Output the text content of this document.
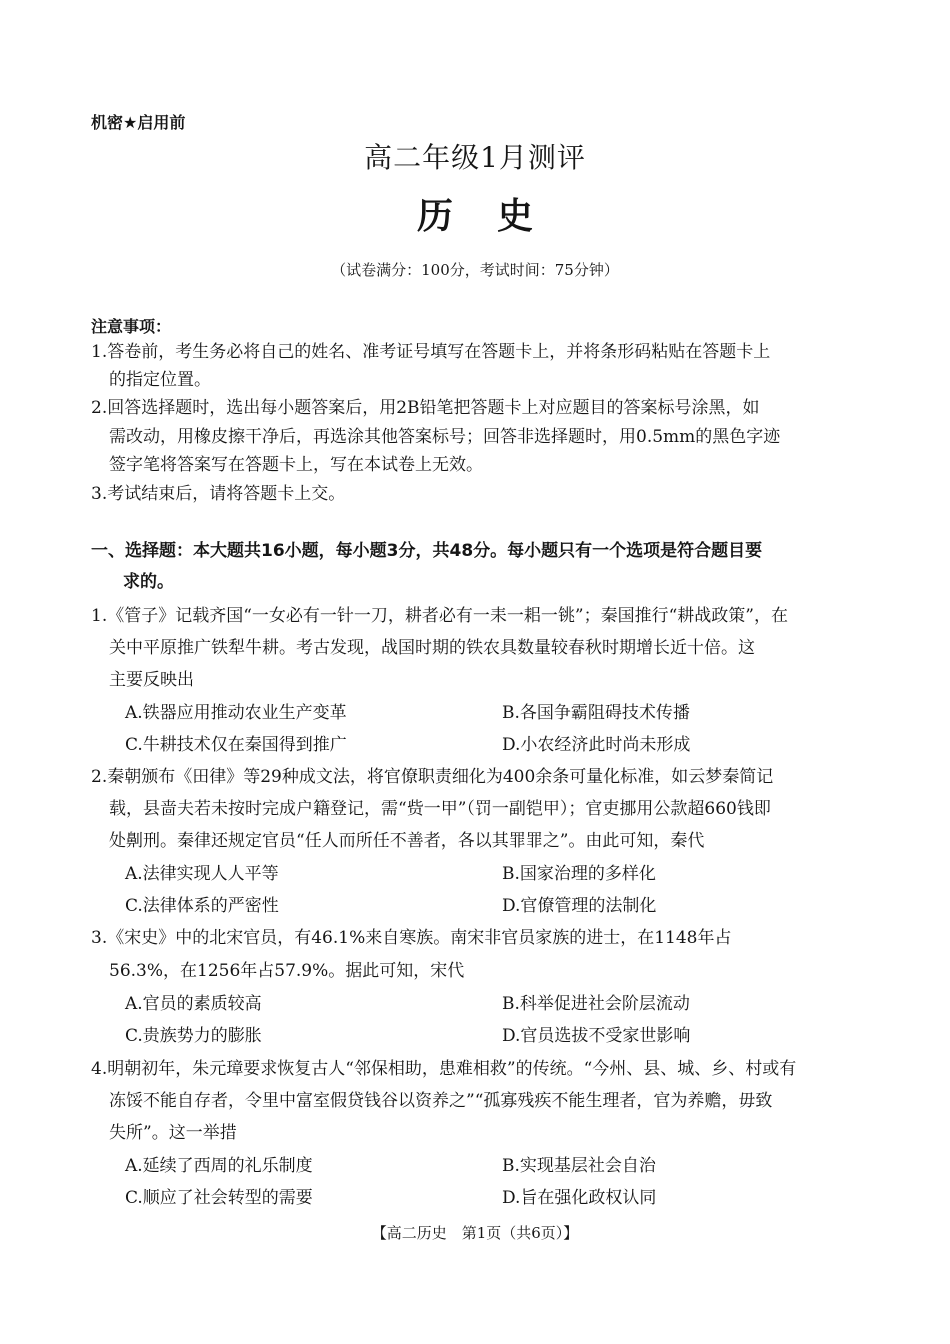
机密★启用前
高二年级1月测评
历史
（试卷满分：100分，考试时间：75分钟）
注意事项：
1.答卷前，考生务必将自己的姓名、准考证号填写在答题卡上，并将条形码粘贴在答题卡上
的指定位置。
2.回答选择题时，选出每小题答案后，用2B铅笔把答题卡上对应题目的答案标号涂黑，如
需改动，用橡皮擦干净后，再选涂其他答案标号；回答非选择题时，用0.5mm的黑色字迹
签字笔将答案写在答题卡上，写在本试卷上无效。
3.考试结束后，请将答题卡上交。
一、选择题：本大题共16小题，每小题3分，共48分。每小题只有一个选项是符合题目要
求的。
1.《管子》记载齐国“一女必有一针一刀，耕者必有一耒一耜一铫”；秦国推行“耕战政策”，在
关中平原推广铁犁牛耕。考古发现，战国时期的铁农具数量较春秋时期增长近十倍。这
主要反映出
A.铁器应用推动农业生产变革	B.各国争霸阻碍技术传播
C.牛耕技术仅在秦国得到推广	D.小农经济此时尚未形成
2.秦朝颁布《田律》等29种成文法，将官僚职责细化为400余条可量化标准，如云梦秦简记
载，县啬夫若未按时完成户籍登记，需“赀一甲”（罚一副铠甲）；官吏挪用公款超660钱即
处劓刑。秦律还规定官员“任人而所任不善者，各以其罪罪之”。由此可知，秦代
A.法律实现人人平等	B.国家治理的多样化
C.法律体系的严密性	D.官僚管理的法制化
3.《宋史》中的北宋官员，有46.1%来自寒族。南宋非官员家族的进士，在1148年占
56.3%，在1256年占57.9%。据此可知，宋代
A.官员的素质较高	B.科举促进社会阶层流动
C.贵族势力的膨胀	D.官员选拔不受家世影响
4.明朝初年，朱元璋要求恢复古人“邻保相助，患难相救”的传统。“今州、县、城、乡、村或有
冻馁不能自存者，令里中富室假贷钱谷以资养之”“孤寡残疾不能生理者，官为养赡，毋致
失所”。这一举措
A.延续了西周的礼乐制度	B.实现基层社会自治
C.顺应了社会转型的需要	D.旨在强化政权认同
【高二历史　第1页（共6页）】
